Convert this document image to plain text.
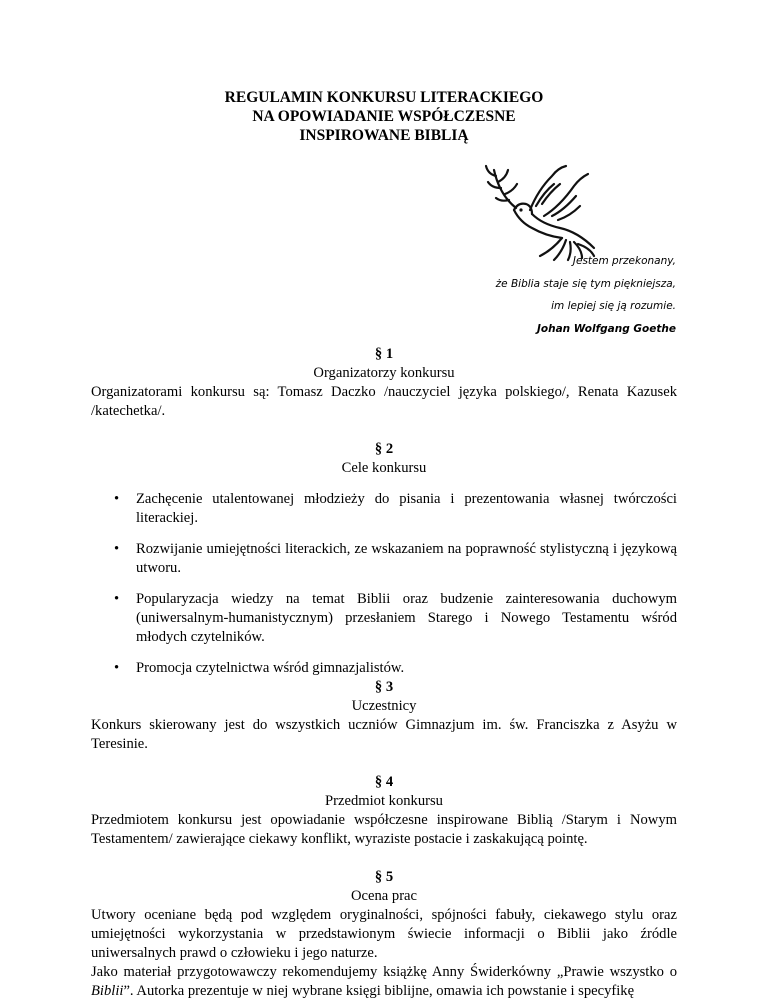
REGULAMIN KONKURSU LITERACKIEGO
NA OPOWIADANIE WSPÓŁCZESNE
INSPIROWANE BIBLIĄ
Jestem przekonany,
że Biblia staje się tym piękniejsza,
im lepiej się ją rozumie.
Johan Wolfgang Goethe
§ 1
Organizatorzy konkursu

Organizatorami konkursu są: Tomasz Daczko /nauczyciel języka polskiego/, Renata Kazusek /katechetka/.

§ 2
Cele konkursu
• Zachęcenie utalentowanej młodzieży do pisania i prezentowania własnej twórczości literackiej.
• Rozwijanie umiejętności literackich, ze wskazaniem na poprawność stylistyczną i językową utworu.
• Popularyzacja wiedzy na temat Biblii oraz budzenie zainteresowania duchowym (uniwersalnym-humanistycznym) przesłaniem Starego i Nowego Testamentu wśród młodych czytelników.
• Promocja czytelnictwa wśród gimnazjalistów.
§ 3
Uczestnicy

Konkurs skierowany jest do wszystkich uczniów Gimnazjum im. św. Franciszka z Asyżu w Teresinie.

§ 4
Przedmiot konkursu

Przedmiotem konkursu jest opowiadanie współczesne inspirowane Biblią /Starym i Nowym Testamentem/ zawierające ciekawy konflikt, wyraziste postacie i zaskakującą pointę.

§ 5
Ocena prac

Utwory oceniane będą pod względem oryginalności, spójności fabuły, ciekawego stylu oraz umiejętności wykorzystania w przedstawionym świecie informacji o Biblii jako źródle uniwersalnych prawd o człowieku i jego naturze.

Jako materiał przygotowawczy rekomendujemy książkę Anny Świderkówny „Prawie wszystko o Biblii”. Autorka prezentuje w niej wybrane księgi biblijne, omawia ich powstanie i specyfikę
